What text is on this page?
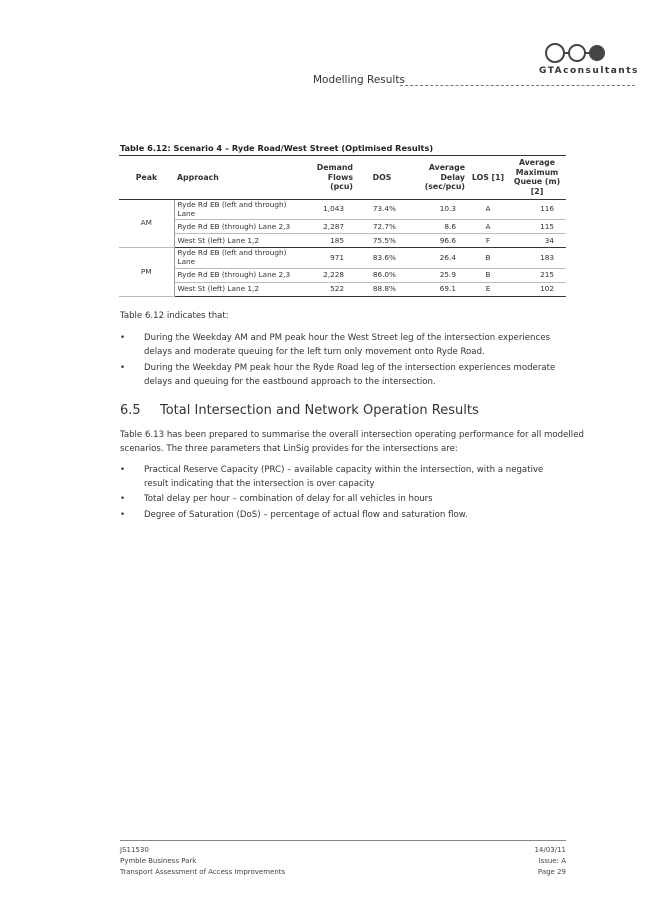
GTAconsultants
Modelling Results
Table 6.12: Scenario 4 – Ryde Road/West Street (Optimised Results)
Peak	Approach	Demand Flows (pcu)	DOS	Average Delay (sec/pcu)	LOS [1]	Average Maximum Queue (m) [2]
AM	Ryde Rd EB (left and through) Lane	1,043	73.4%	10.3	A	116
	Ryde Rd EB (through) Lane 2,3	2,287	72.7%	8.6	A	115
	West St (left) Lane 1,2	185	75.5%	96.6	F	34
PM	Ryde Rd EB (left and through) Lane	971	83.6%	26.4	B	183
	Ryde Rd EB (through) Lane 2,3	2,228	86.0%	25.9	B	215
	West St (left) Lane 1,2	522	88.8%	69.1	E	102
Table 6.12 indicates that:
• During the Weekday AM and PM peak hour the West Street leg of the intersection experiences
delays and moderate queuing for the left turn only movement onto Ryde Road.
• During the Weekday PM peak hour the Ryde Road leg of the intersection experiences moderate
delays and queuing for the eastbound approach to the intersection.
6.5 Total Intersection and Network Operation Results
Table 6.13 has been prepared to summarise the overall intersection operating performance for all modelled
scenarios. The three parameters that LinSig provides for the intersections are:
• Practical Reserve Capacity (PRC) – available capacity within the intersection, with a negative
result indicating that the intersection is over capacity
• Total delay per hour – combination of delay for all vehicles in hours
• Degree of Saturation (DoS) – percentage of actual flow and saturation flow.
JS11530
Pymble Business Park
Transport Assessment of Access Improvements
14/03/11
Issue: A
Page 29
